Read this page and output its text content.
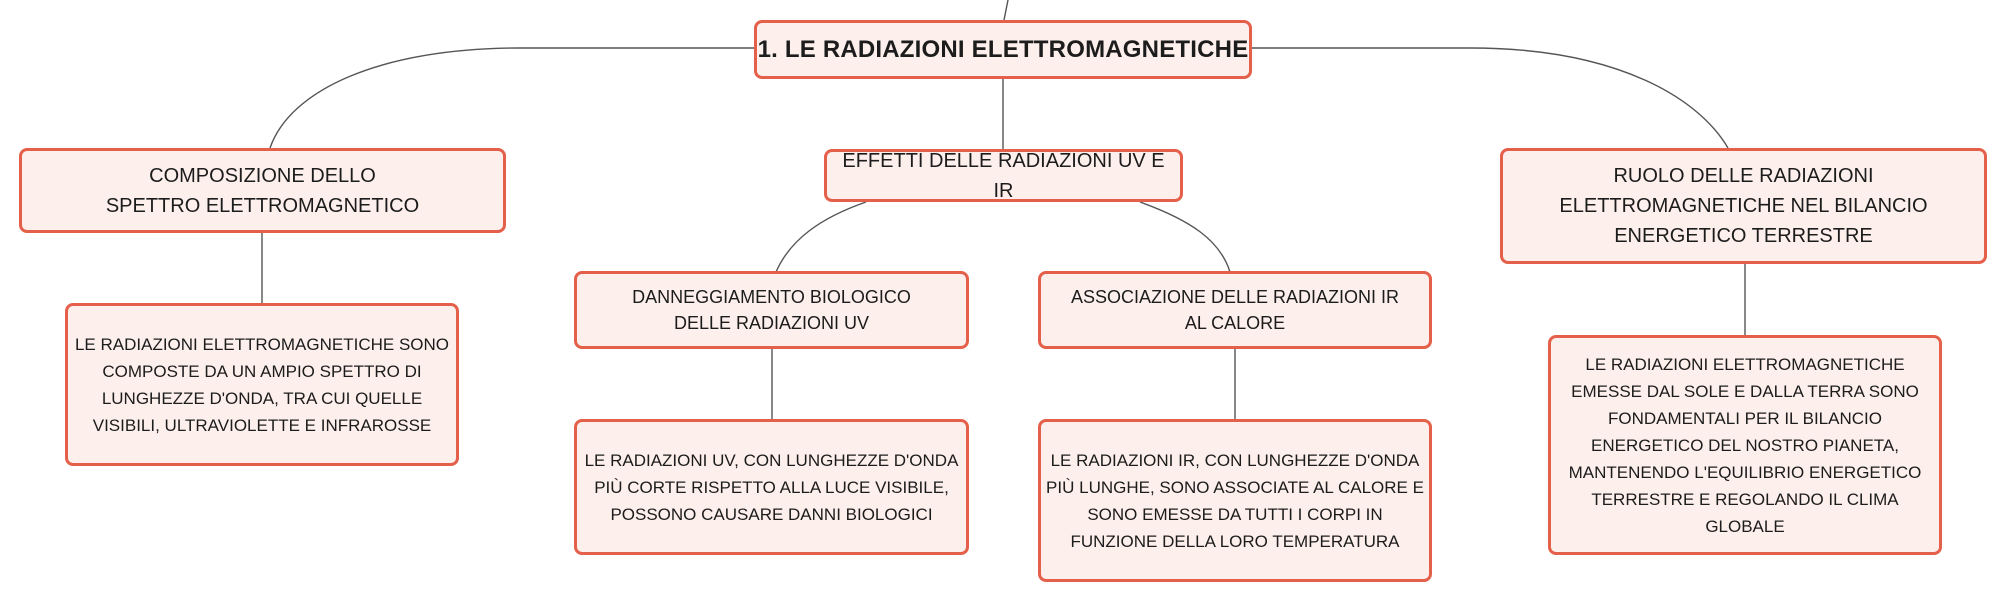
1. LE RADIAZIONI ELETTROMAGNETICHE
COMPOSIZIONE DELLO SPETTRO ELETTROMAGNETICO
EFFETTI DELLE RADIAZIONI UV E IR
RUOLO DELLE RADIAZIONI ELETTROMAGNETICHE NEL BILANCIO ENERGETICO TERRESTRE
DANNEGGIAMENTO BIOLOGICO DELLE RADIAZIONI UV
ASSOCIAZIONE DELLE RADIAZIONI IR AL CALORE
LE RADIAZIONI ELETTROMAGNETICHE SONO COMPOSTE DA UN AMPIO SPETTRO DI LUNGHEZZE D'ONDA, TRA CUI QUELLE VISIBILI, ULTRAVIOLETTE E INFRAROSSE
LE RADIAZIONI UV, CON LUNGHEZZE D'ONDA PIÙ CORTE RISPETTO ALLA LUCE VISIBILE, POSSONO CAUSARE DANNI BIOLOGICI
LE RADIAZIONI IR, CON LUNGHEZZE D'ONDA PIÙ LUNGHE, SONO ASSOCIATE AL CALORE E SONO EMESSE DA TUTTI I CORPI IN FUNZIONE DELLA LORO TEMPERATURA
LE RADIAZIONI ELETTROMAGNETICHE EMESSE DAL SOLE E DALLA TERRA SONO FONDAMENTALI PER IL BILANCIO ENERGETICO DEL NOSTRO PIANETA, MANTENENDO L'EQUILIBRIO ENERGETICO TERRESTRE E REGOLANDO IL CLIMA GLOBALE
